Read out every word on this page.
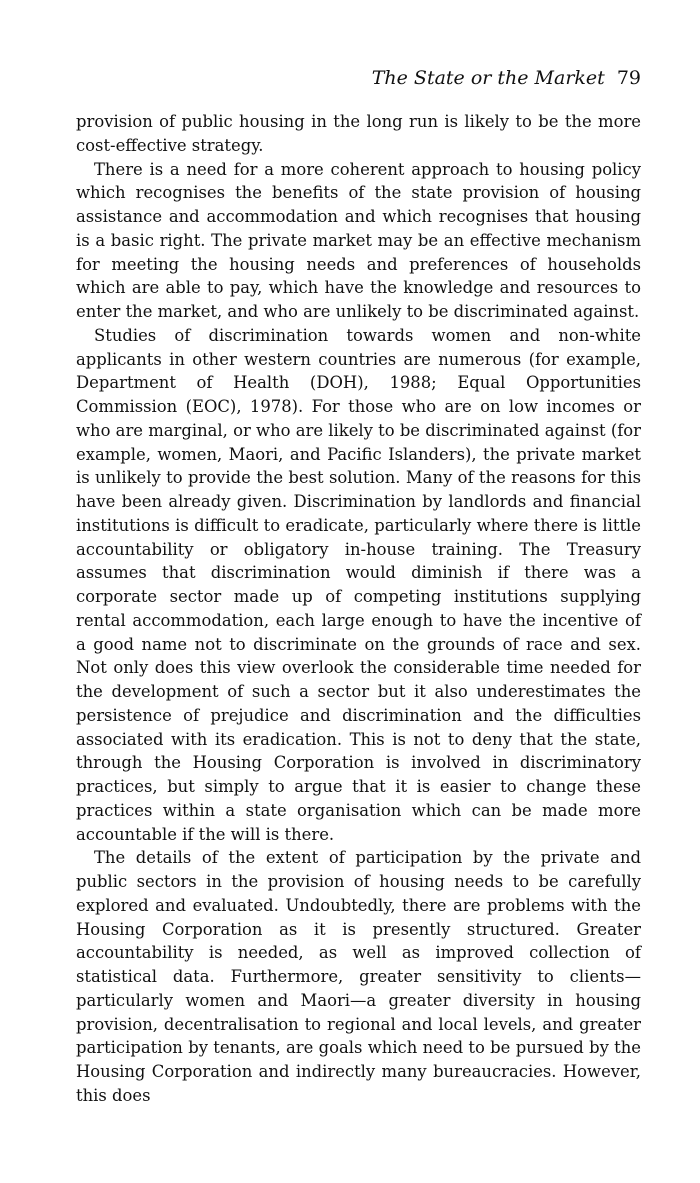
The State or the Market 79

provision of public housing in the long run is likely to be the more cost-effective strategy.

There is a need for a more coherent approach to housing policy which recognises the benefits of the state provision of housing assistance and accommodation and which recognises that housing is a basic right. The private market may be an effective mechanism for meeting the housing needs and preferences of households which are able to pay, which have the knowledge and resources to enter the market, and who are unlikely to be discriminated against.

Studies of discrimination towards women and non-white applicants in other western countries are numerous (for example, Department of Health (DOH), 1988; Equal Opportunities Commission (EOC), 1978). For those who are on low incomes or who are marginal, or who are likely to be discriminated against (for example, women, Maori, and Pacific Islanders), the private market is unlikely to provide the best solution. Many of the reasons for this have been already given. Discrimination by landlords and financial institutions is difficult to eradicate, particularly where there is little accountability or obligatory in-house training. The Treasury assumes that discrimination would diminish if there was a corporate sector made up of competing institutions supplying rental accommodation, each large enough to have the incentive of a good name not to discriminate on the grounds of race and sex. Not only does this view overlook the considerable time needed for the development of such a sector but it also underestimates the persistence of prejudice and discrimination and the difficulties associated with its eradication. This is not to deny that the state, through the Housing Corporation is involved in discriminatory practices, but simply to argue that it is easier to change these practices within a state organisation which can be made more accountable if the will is there.

The details of the extent of participation by the private and public sectors in the provision of housing needs to be carefully explored and evaluated. Undoubtedly, there are problems with the Housing Corporation as it is presently structured. Greater accountability is needed, as well as improved collection of statistical data. Furthermore, greater sensitivity to clients—particularly women and Maori—a greater diversity in housing provision, decentralisation to regional and local levels, and greater participation by tenants, are goals which need to be pursued by the Housing Corporation and indirectly many bureaucracies. However, this does
